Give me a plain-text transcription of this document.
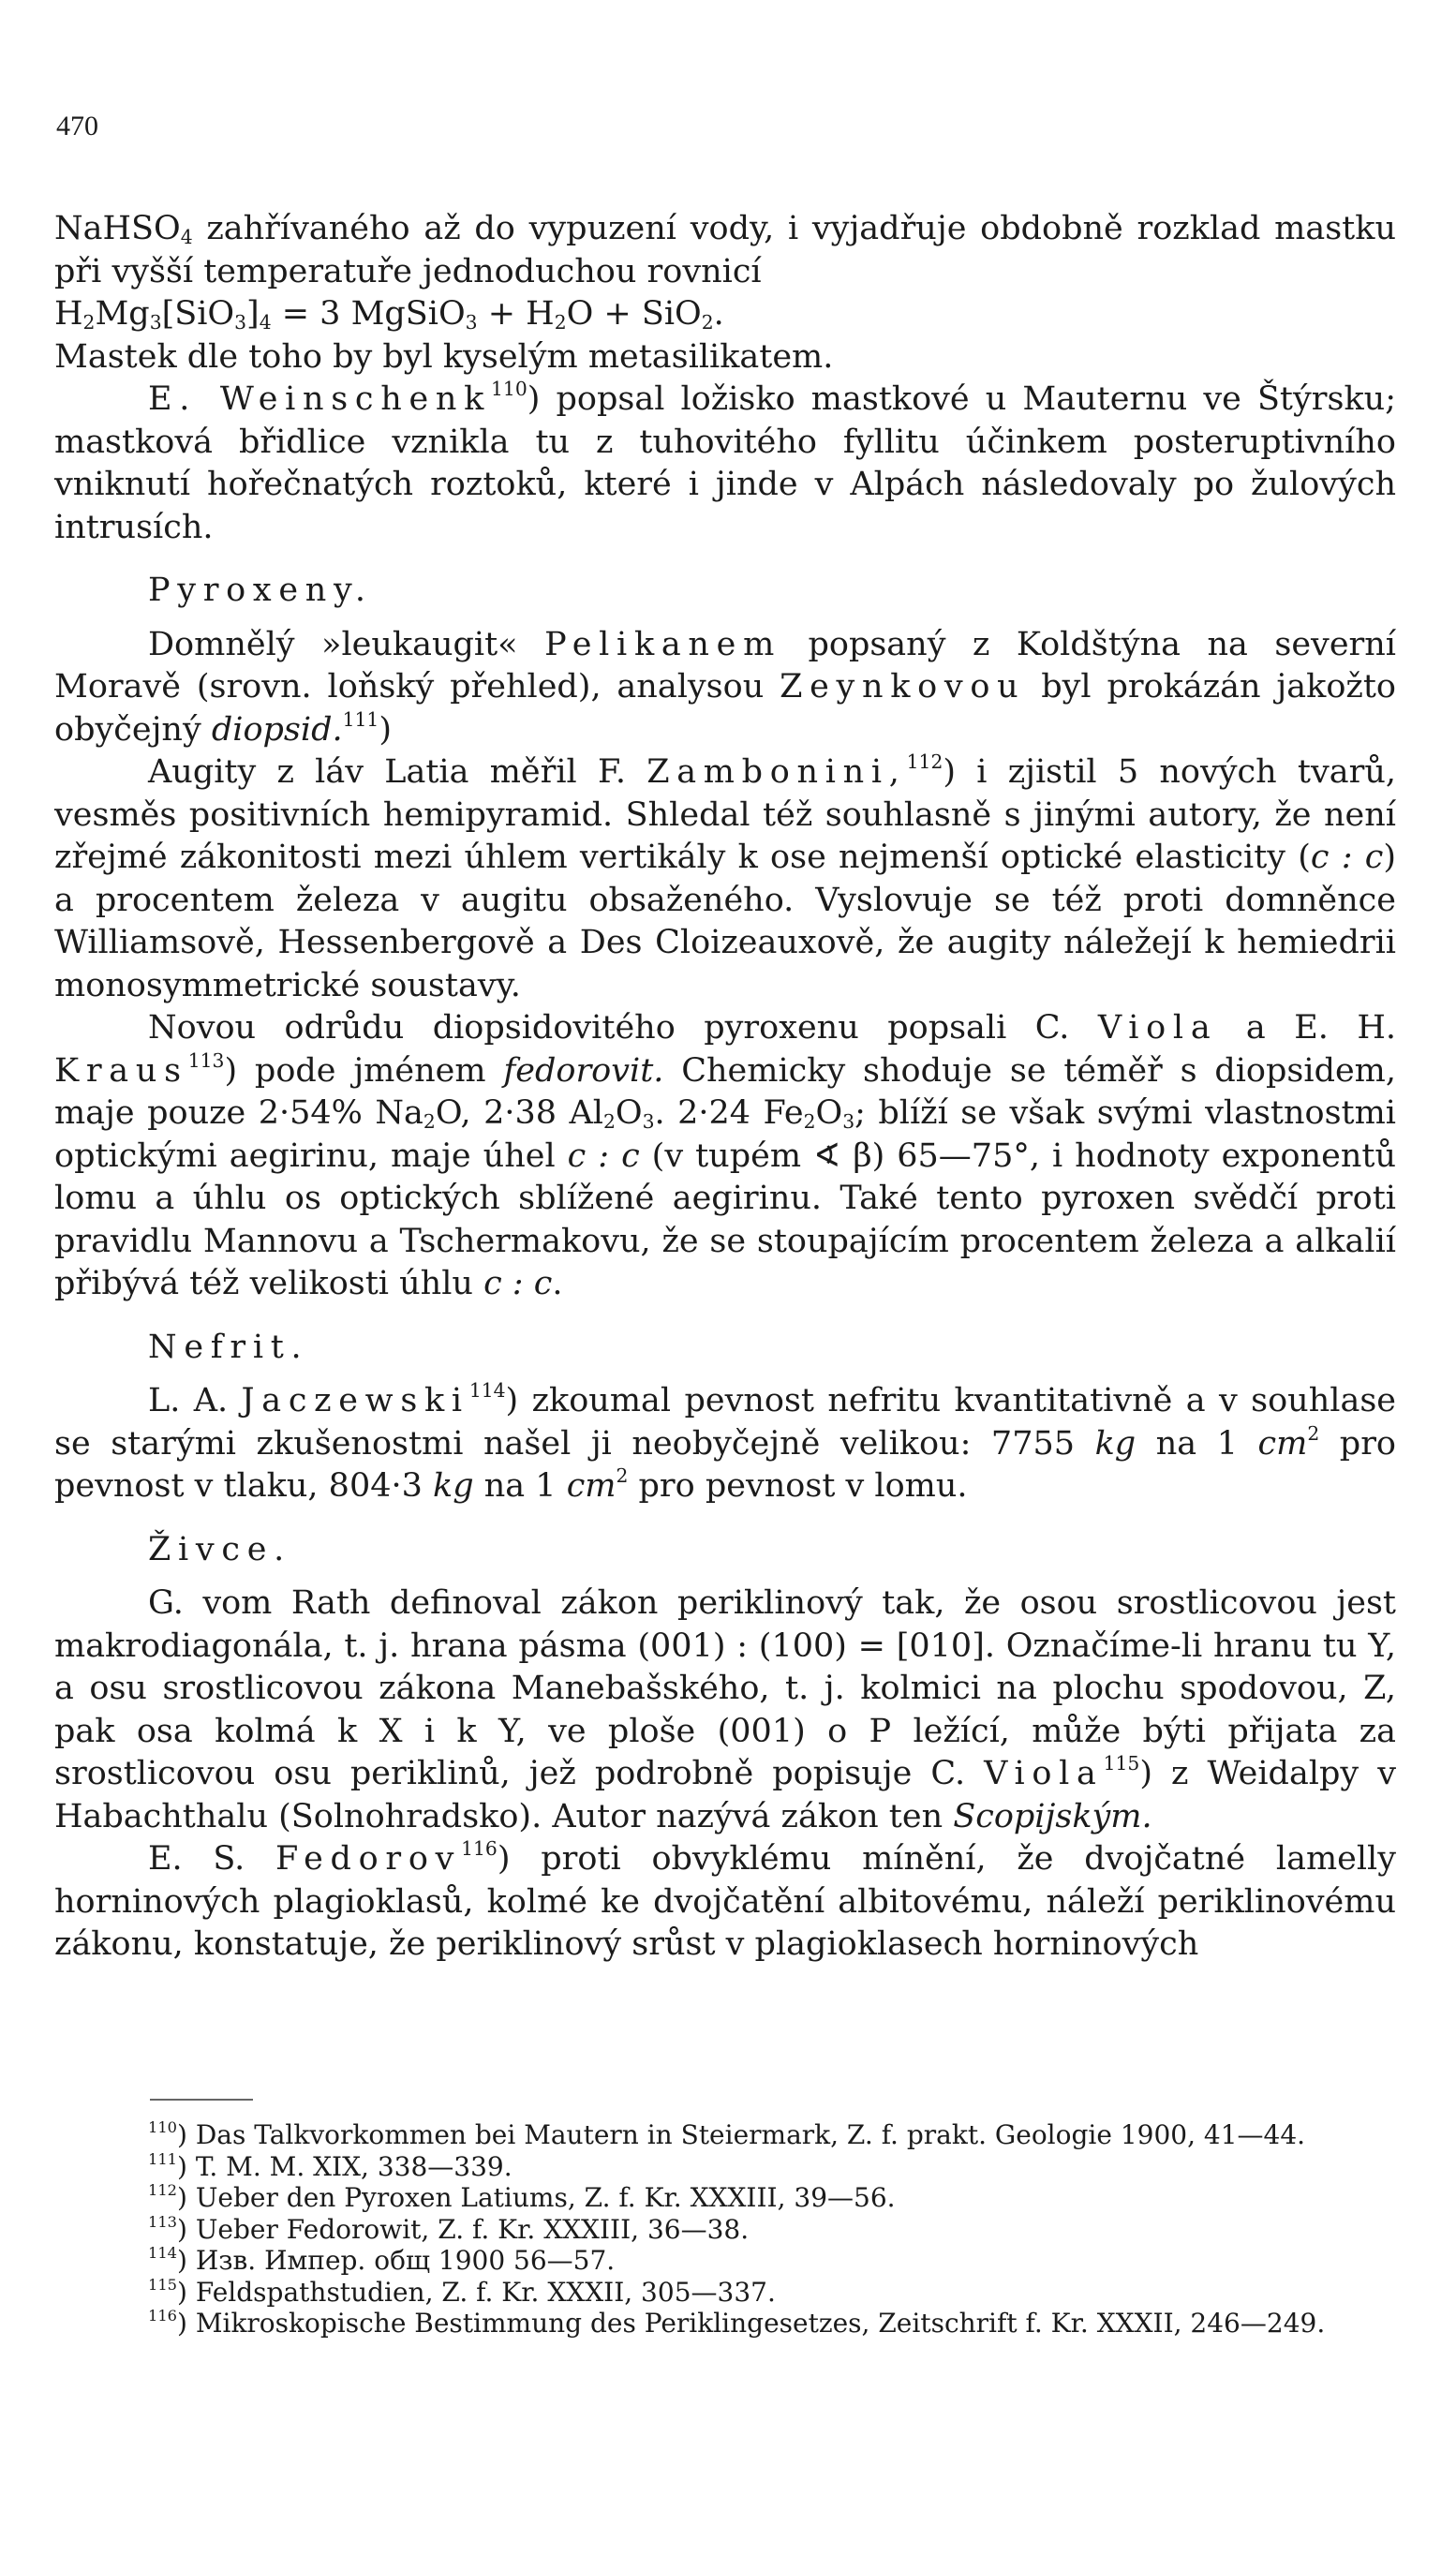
470

NaHSO$_4$ zahřívaného až do vypuzení vody, i vyjadřuje obdobně rozklad mastku při vyšší temperatuře jednoduchou rovnicí

$H_2Mg_3[SiO_3]_4 = 3$ MgSiO$_3$ + $H_2O + SiO_2$.

Mastek dle toho by byl kyselým metasilikatem.

E. Weinschenk$^{110}$) popsal ložisko mastkové u Mauternu ve Štýrsku; mastková břidlice vznikla tu z tuhovitého fyllitu účinkem posteruptivního vniknutí hořečnatých roztoků, které i jinde v Alpách následovaly po žulových intrusích.

Pyroxeny.

Domnělý »leukaugit« Pelikanem popsaný z Koldštýna na severní Moravě (srovn. loňský přehled), analysou Zeynkovou byl prokázán jakožto obyčejný diopsid.$^{111}$)

Augity z láv Latia měřil F. Zambonini,$^{112}$) i zjistil 5 nových tvarů, vesměs positivních hemipyramid. Shledal též souhlasně s jinými autory, že není zřejmé zákonitosti mezi úhlem vertikály k ose nejmenší optické elasticity (c : c) a procentem železa v augitu obsaženého. Vyslovuje se též proti domněnce Williamsově, Hessenbergově a Des Cloizeauxově, že augity náležejí k hemiedrii monosymmetrické soustavy.

Novou odrůdu diopsidovitého pyroxenu popsali C. Viola a E. H. Kraus$^{113}$) pode jménem fedorovit. Chemicky shoduje se téměř s diopsidem, maje pouze 2·54% $Na_2O$, 2·38 $Al_2O_3$. 2·24 $Fe_2O_3$; blíží se však svými vlastnostmi optickými aegirinu, maje úhel c : c (v tupém ∢ β) 65—75°, i hodnoty exponentů lomu a úhlu os optických sblížené aegirinu. Také tento pyroxen svědčí proti pravidlu Mannovu a Tschermakovu, že se stoupajícím procentem železa a alkalií přibývá též velikosti úhlu c : c.

Nefrit.

L. A. Jaczewski$^{114}$) zkoumal pevnost nefritu kvantitativně a v souhlase se starými zkušenostmi našel ji neobyčejně velikou: 7755 kg na 1 $cm^2$ pro pevnost v tlaku, 804·3 kg na 1 $cm^2$ pro pevnost v lomu.

Živce.

G. vom Rath definoval zákon periklinový tak, že osou srostlicovou jest makrodiagonála, t. j. hrana pásma (001) : (100) = [010]. Označíme-li hranu tu Y, a osu srostlicovou zákona Manebašského, t. j. kolmici na plochu spodovou, Z, pak osa kolmá k X i k Y, ve ploše (001) o P ležící, může býti přijata za srostlicovou osu periklinů, jež podrobně popisuje C. Viola$^{115}$) z Weidalpy v Habachthalu (Solnohradsko). Autor nazývá zákon ten Scopijským.

E. S. Fedorov$^{116}$) proti obvyklému mínění, že dvojčatné lamelly horninových plagioklasů, kolmé ke dvojčatění albitovému, náleží periklinovému zákonu, konstatuje, že periklinový srůst v plagioklasech horninových

$^{110}$) Das Talkvorkommen bei Mautern in Steiermark, Z. f. prakt. Geologie 1900, 41—44.

$^{111}$) T. M. M. XIX, 338—339.

$^{112}$) Ueber den Pyroxen Latiums, Z. f. Kr. XXXIII, 39—56.

$^{113}$) Ueber Fedorowit, Z. f. Kr. XXXIII, 36—38.

$^{114}$) Изв. Импер. общ 1900 56—57.

$^{115}$) Feldspathstudien, Z. f. Kr. XXXII, 305—337.

$^{116}$) Mikroskopische Bestimmung des Periklingesetzes, Zeitschrift f. Kr. XXXII, 246—249.
